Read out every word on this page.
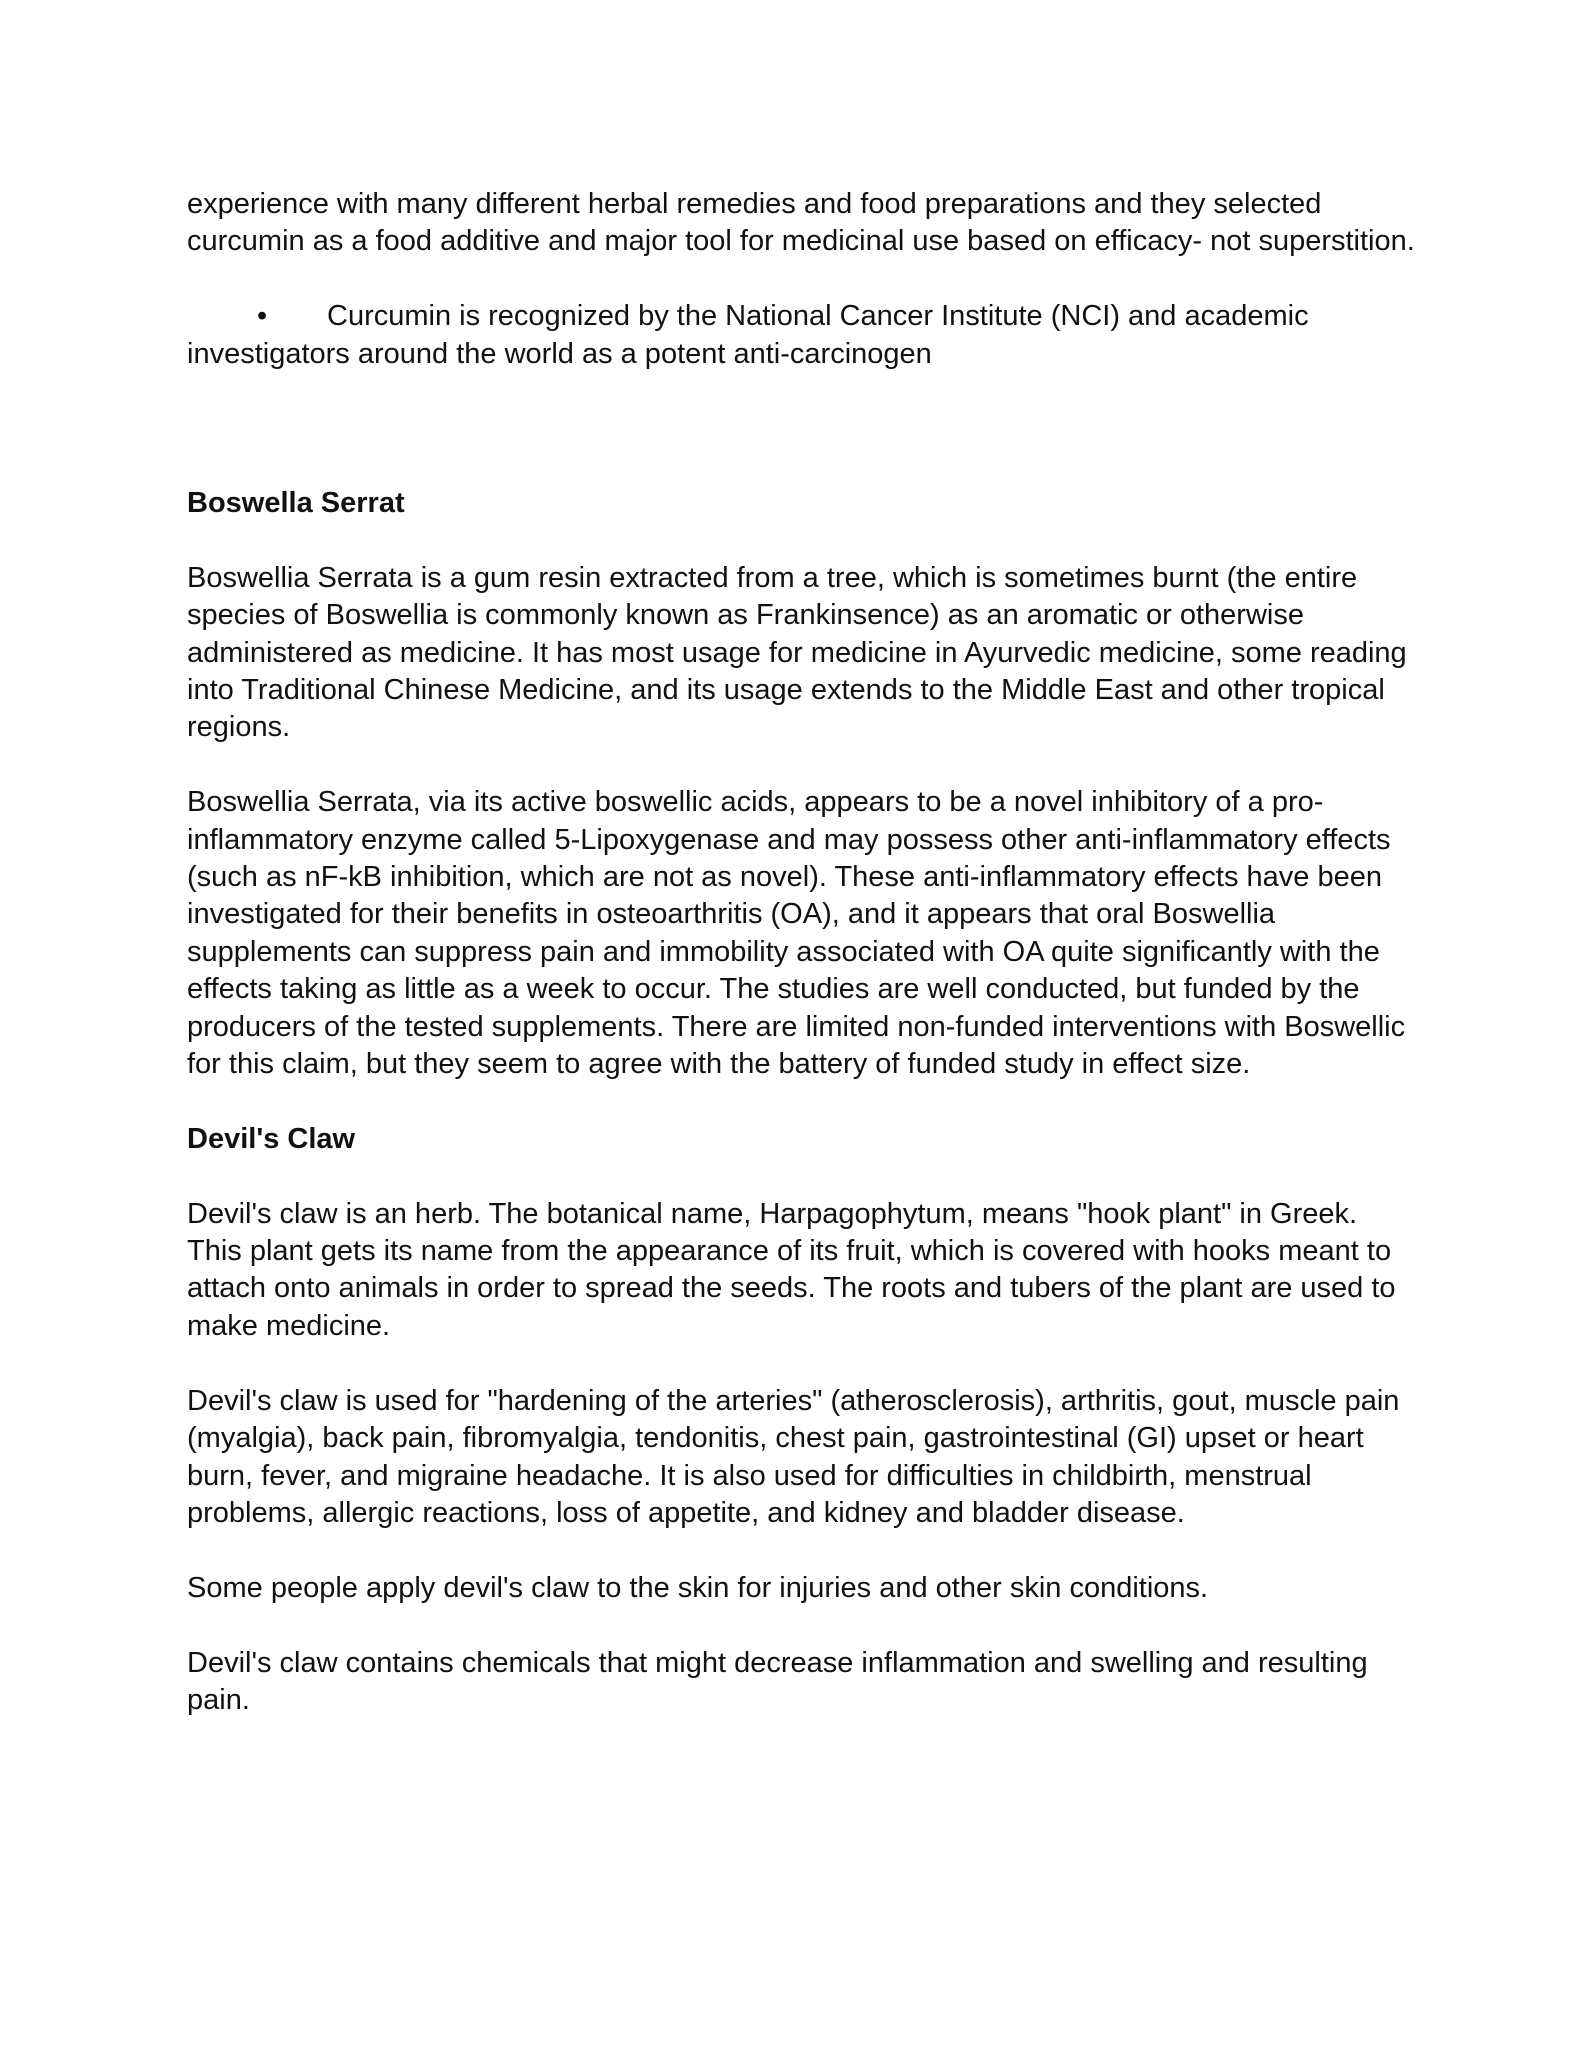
experience with many different herbal remedies and food preparations and they selected curcumin as a food additive and major tool for medicinal use based on efficacy- not superstition.

• Curcumin is recognized by the National Cancer Institute (NCI) and academic investigators around the world as a potent anti-carcinogen

Boswella Serrat

Boswellia Serrata is a gum resin extracted from a tree, which is sometimes burnt (the entire species of Boswellia is commonly known as Frankinsence) as an aromatic or otherwise administered as medicine. It has most usage for medicine in Ayurvedic medicine, some reading into Traditional Chinese Medicine, and its usage extends to the Middle East and other tropical regions.

Boswellia Serrata, via its active boswellic acids, appears to be a novel inhibitory of a pro-inflammatory enzyme called 5-Lipoxygenase and may possess other anti-inflammatory effects (such as nF-kB inhibition, which are not as novel). These anti-inflammatory effects have been investigated for their benefits in osteoarthritis (OA), and it appears that oral Boswellia supplements can suppress pain and immobility associated with OA quite significantly with the effects taking as little as a week to occur. The studies are well conducted, but funded by the producers of the tested supplements. There are limited non-funded interventions with Boswellic for this claim, but they seem to agree with the battery of funded study in effect size.

Devil's Claw

Devil's claw is an herb. The botanical name, Harpagophytum, means "hook plant" in Greek. This plant gets its name from the appearance of its fruit, which is covered with hooks meant to attach onto animals in order to spread the seeds. The roots and tubers of the plant are used to make medicine.

Devil's claw is used for "hardening of the arteries" (atherosclerosis), arthritis, gout, muscle pain (myalgia), back pain, fibromyalgia, tendonitis, chest pain, gastrointestinal (GI) upset or heart burn, fever, and migraine headache. It is also used for difficulties in childbirth, menstrual problems, allergic reactions, loss of appetite, and kidney and bladder disease.

Some people apply devil's claw to the skin for injuries and other skin conditions.

Devil's claw contains chemicals that might decrease inflammation and swelling and resulting pain.
